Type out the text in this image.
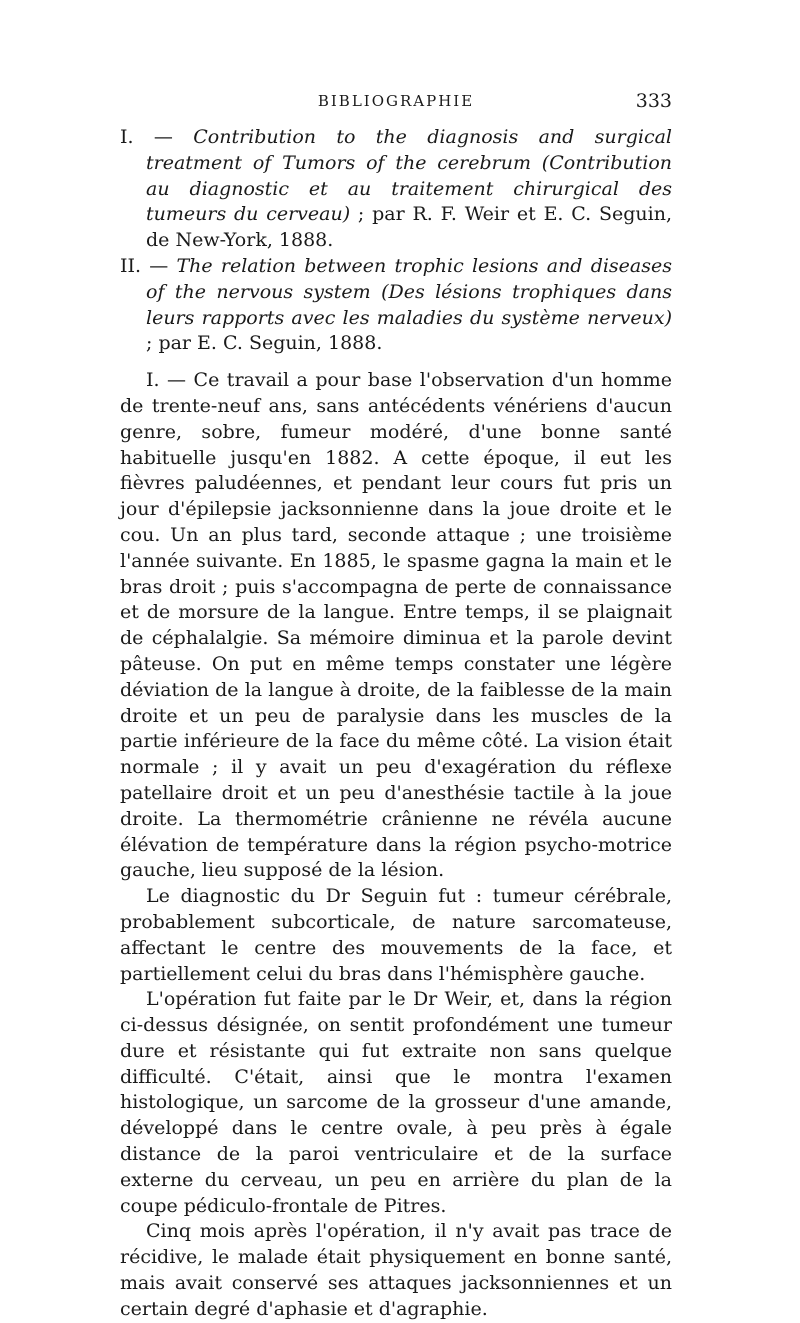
BIBLIOGRAPHIE	333

I. — Contribution to the diagnosis and surgical treatment of Tumors of the cerebrum (Contribution au diagnostic et au traitement chirurgical des tumeurs du cerveau) ; par R. F. Weir et E. C. Seguin, de New-York, 1888.

II. — The relation between trophic lesions and diseases of the nervous system (Des lésions trophiques dans leurs rapports avec les maladies du système nerveux) ; par E. C. Seguin, 1888.

I. — Ce travail a pour base l'observation d'un homme de trente-neuf ans, sans antécédents vénériens d'aucun genre, sobre, fumeur modéré, d'une bonne santé habituelle jusqu'en 1882. A cette époque, il eut les fièvres paludéennes, et pendant leur cours fut pris un jour d'épilepsie jacksonnienne dans la joue droite et le cou. Un an plus tard, seconde attaque ; une troisième l'année suivante. En 1885, le spasme gagna la main et le bras droit ; puis s'accompagna de perte de connaissance et de morsure de la langue. Entre temps, il se plaignait de céphalalgie. Sa mémoire diminua et la parole devint pâteuse. On put en même temps constater une légère déviation de la langue à droite, de la faiblesse de la main droite et un peu de paralysie dans les muscles de la partie inférieure de la face du même côté. La vision était normale ; il y avait un peu d'exagération du réflexe patellaire droit et un peu d'anesthésie tactile à la joue droite. La thermométrie crânienne ne révéla aucune élévation de température dans la région psycho-motrice gauche, lieu supposé de la lésion.

Le diagnostic du Dr Seguin fut : tumeur cérébrale, probablement subcorticale, de nature sarcomateuse, affectant le centre des mouvements de la face, et partiellement celui du bras dans l'hémisphère gauche.

L'opération fut faite par le Dr Weir, et, dans la région ci-dessus désignée, on sentit profondément une tumeur dure et résistante qui fut extraite non sans quelque difficulté. C'était, ainsi que le montra l'examen histologique, un sarcome de la grosseur d'une amande, développé dans le centre ovale, à peu près à égale distance de la paroi ventriculaire et de la surface externe du cerveau, un peu en arrière du plan de la coupe pédiculo-frontale de Pitres.

Cinq mois après l'opération, il n'y avait pas trace de récidive, le malade était physiquement en bonne santé, mais avait conservé ses attaques jacksonniennes et un certain degré d'aphasie et d'agraphie.
